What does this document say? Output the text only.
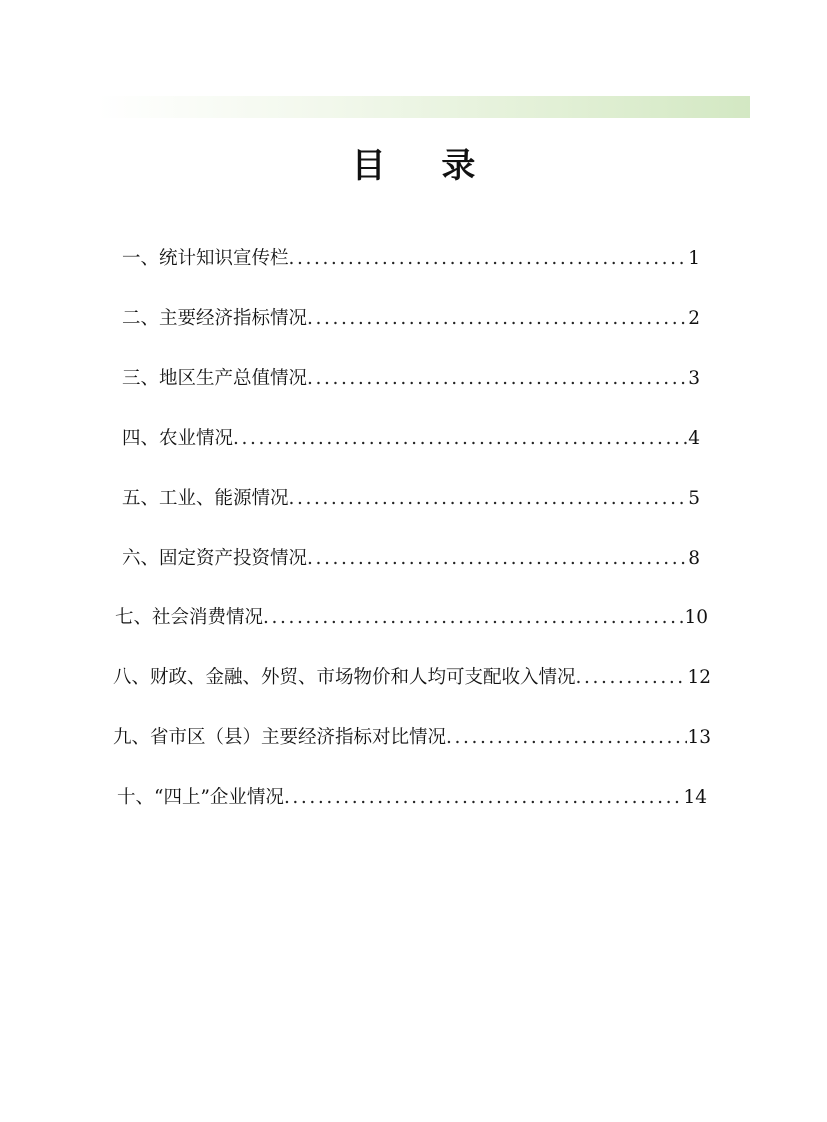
目 录
一、 统计知识宣传栏 .....	1
二、 主要经济指标情况 .....	2
三、 地区生产总值情况 .....	3
四、 农业情况 .....	4
五、 工业、能源情况 .....	5
六、 固定资产投资情况 .....	8
七、 社会消费情况 .....	10
八、 财政、金融、外贸、市场物价和人均可支配收入情况 .....	12
九、 省市区（县）主要经济指标对比情况 .....	13
十、 “四上”企业情况 .....	14
